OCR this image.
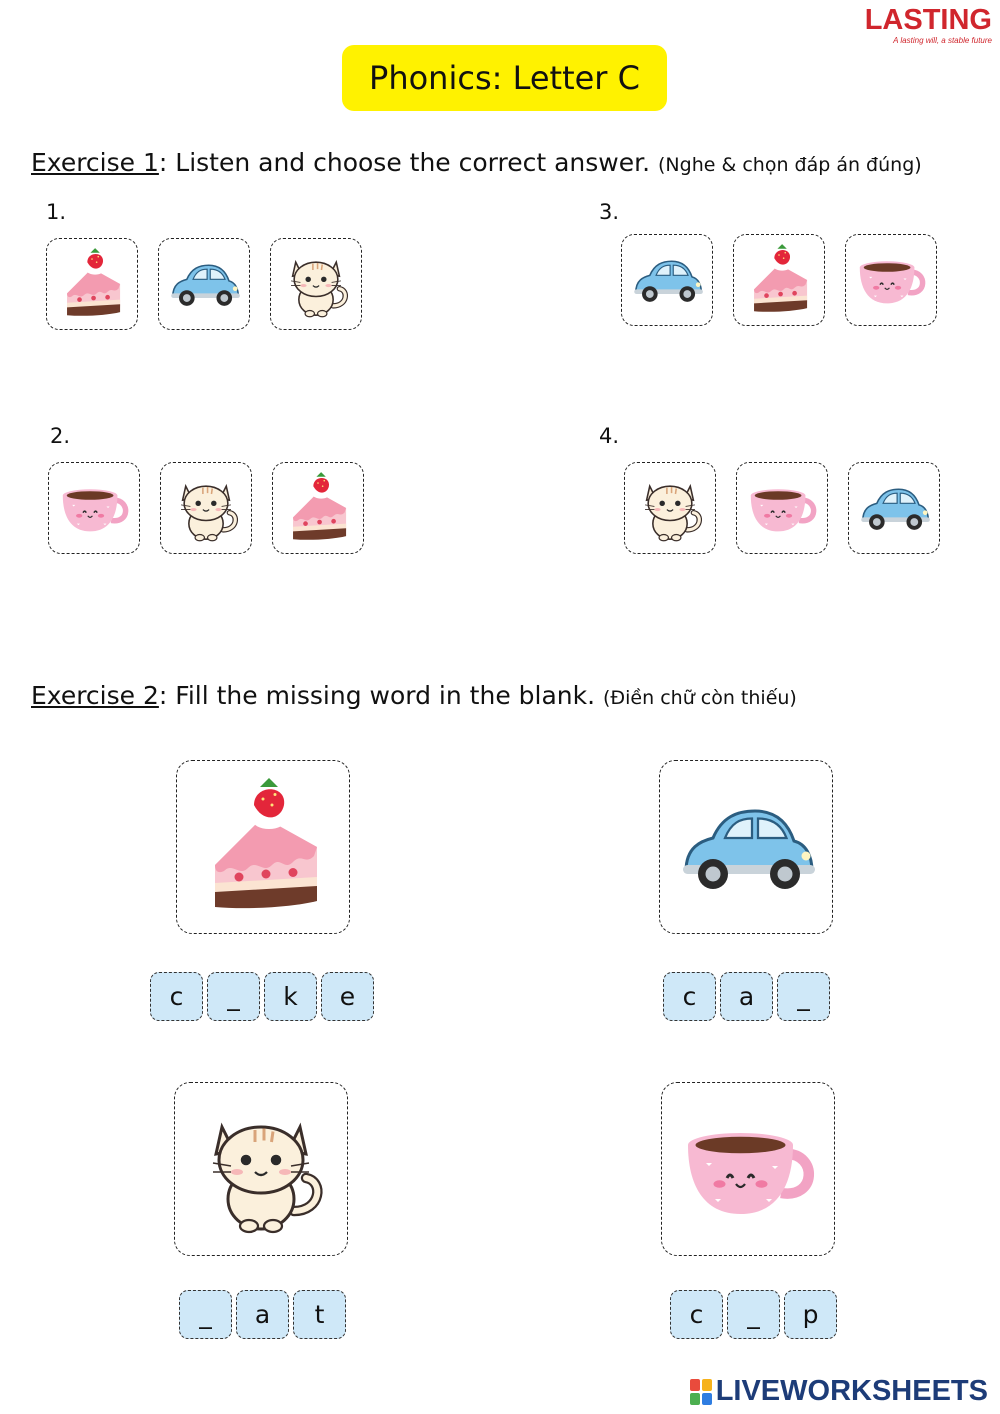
LASTING
A lasting will, a stable future
Phonics: Letter C
Exercise 1: Listen and choose the correct answer. (Nghe & chọn đáp án đúng)
1.	3.
2.	4.
Exercise 2: Fill the missing word in the blank. (Điền chữ còn thiếu)
c	_	k	e	c	a	_
_	a	t	c	_	p
LIVEWORKSHEETS
